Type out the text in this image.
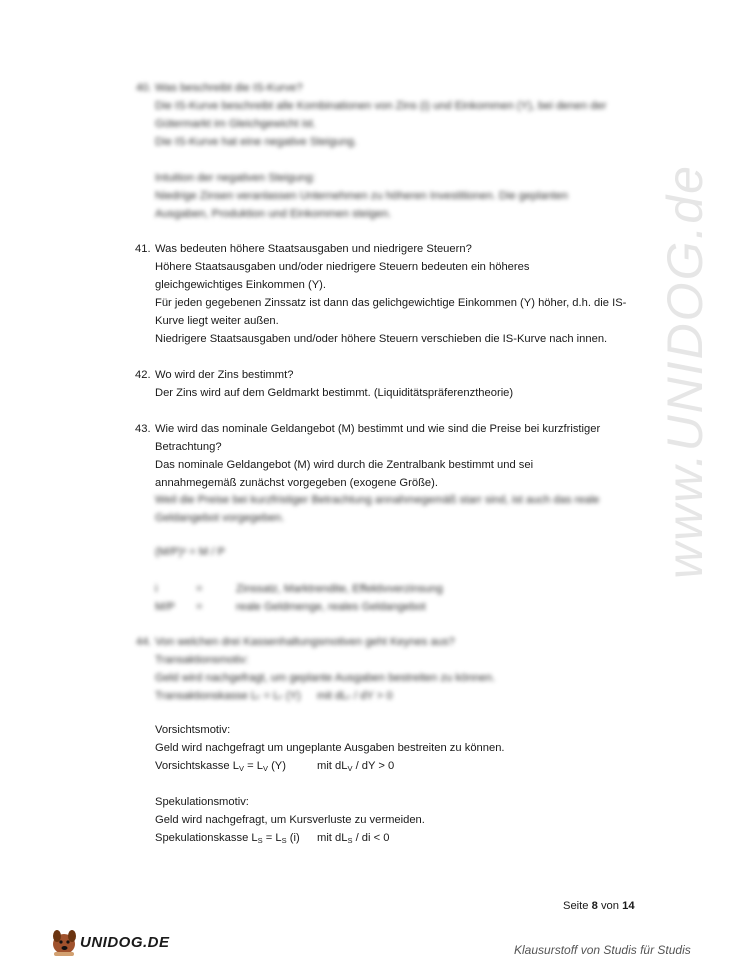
www.UNIDOG.de
40. Was beschreibt die IS-Kurve?
Die IS-Kurve beschreibt alle Kombinationen von Zins (i) und Einkommen (Y), bei denen der
Gütermarkt im Gleichgewicht ist.
Die IS-Kurve hat eine negative Steigung.
Intuition der negativen Steigung:
Niedrige Zinsen veranlassen Unternehmen zu höheren Investitionen. Die geplanten
Ausgaben, Produktion und Einkommen steigen.
41. Was bedeuten höhere Staatsausgaben und niedrigere Steuern?
Höhere Staatsausgaben und/oder niedrigere Steuern bedeuten ein höheres
gleichgewichtiges Einkommen (Y).
Für jeden gegebenen Zinssatz ist dann das gelichgewichtige Einkommen (Y) höher, d.h. die IS-
Kurve liegt weiter außen.
Niedrigere Staatsausgaben und/oder höhere Steuern verschieben die IS-Kurve nach innen.
42. Wo wird der Zins bestimmt?
Der Zins wird auf dem Geldmarkt bestimmt. (Liquiditätspräferenztheorie)
43. Wie wird das nominale Geldangebot (M) bestimmt und wie sind die Preise bei kurzfristiger
Betrachtung?
Das nominale Geldangebot (M) wird durch die Zentralbank bestimmt und sei
annahmegemäß zunächst vorgegeben (exogene Größe).
Weil die Preise bei kurzfristiger Betrachtung annahmegemäß starr sind, ist auch das reale
Geldangebot vorgegeben.
(M/P)ˢ = M / P
i	=	Zinssatz, Marktrendite, Effektivverzinsung
M/P =	reale Geldmenge, reales Geldangebot
44. Von welchen drei Kassenhaltungsmotiven geht Keynes aus?
Transaktionsmotiv:
Geld wird nachgefragt, um geplante Ausgaben bestreiten zu können.
Transaktionskasse Lₜ = Lₜ (Y) mit dLₜ / dY > 0
Vorsichtsmotiv:
Geld wird nachgefragt um ungeplante Ausgaben bestreiten zu können.
Vorsichtskasse $L_V = L_V$ (Y)	mit $dL_V$ / dY > 0
Spekulationsmotiv:
Geld wird nachgefragt, um Kursverluste zu vermeiden.
Spekulationskasse $L_S = L_S$ (i) mit $dL_S$ / di < 0
Seite 8 von 14
UNIDOG.DE	Klausurstoff von Studis für Studis
